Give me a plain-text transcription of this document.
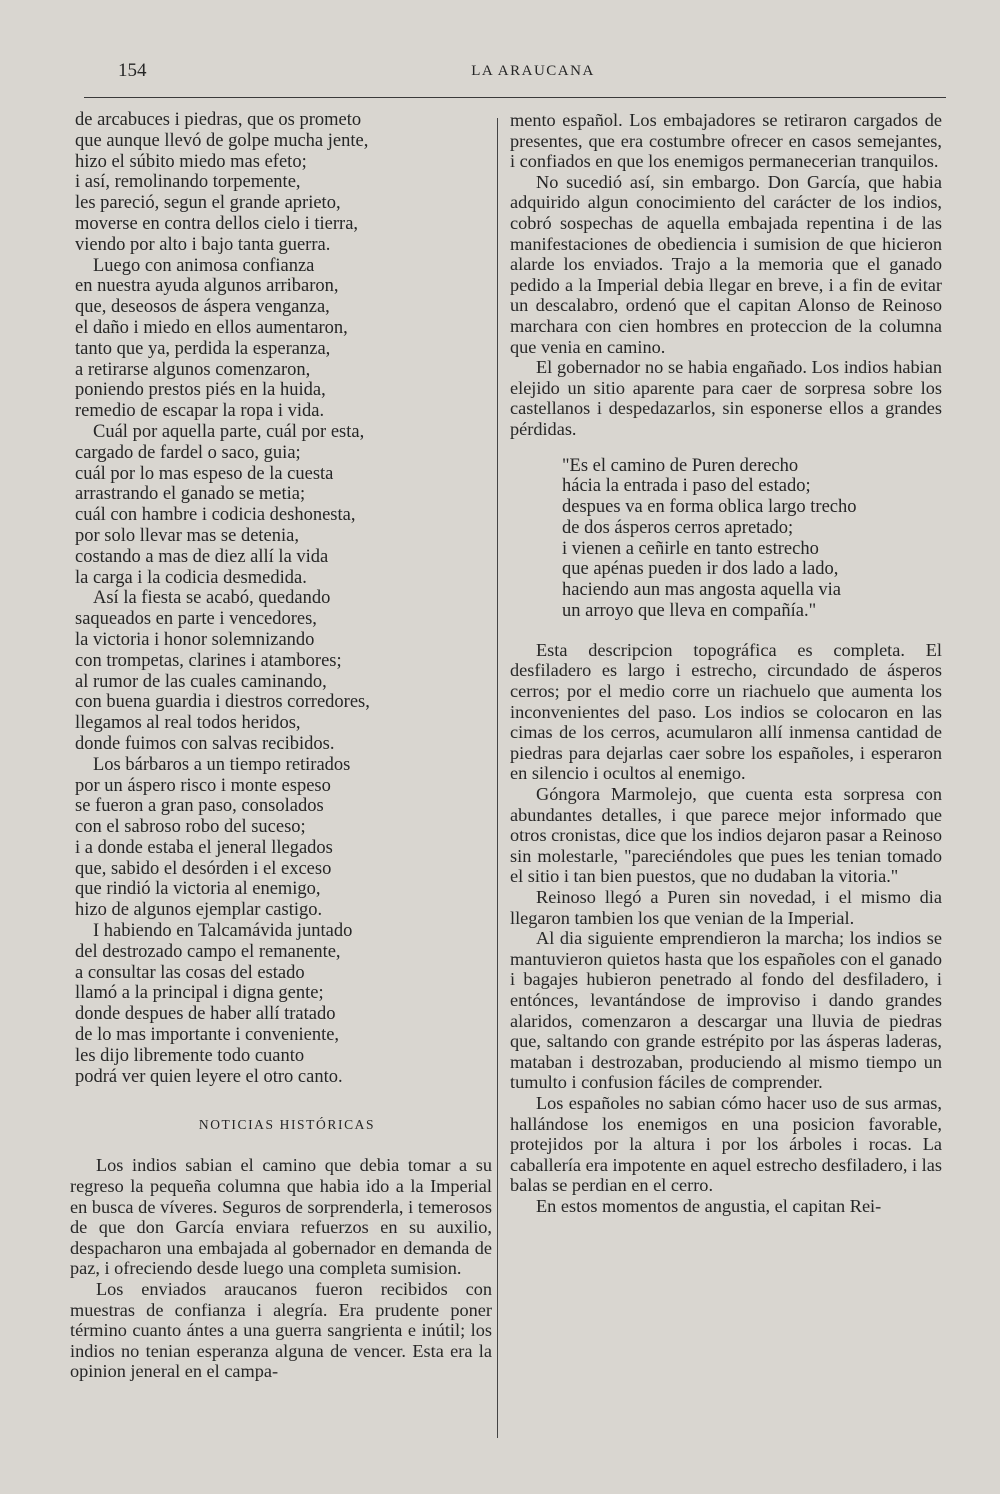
154	LA ARAUCANA
de arcabuces i piedras, que os prometo
que aunque llevó de golpe mucha jente,
hizo el súbito miedo mas efeto;
i así, remolinando torpemente,
les pareció, segun el grande aprieto,
moverse en contra dellos cielo i tierra,
viendo por alto i bajo tanta guerra.
Luego con animosa confianza
en nuestra ayuda algunos arribaron,
que, deseosos de áspera venganza,
el daño i miedo en ellos aumentaron,
tanto que ya, perdida la esperanza,
a retirarse algunos comenzaron,
poniendo prestos piés en la huida,
remedio de escapar la ropa i vida.
Cuál por aquella parte, cuál por esta,
cargado de fardel o saco, guia;
cuál por lo mas espeso de la cuesta
arrastrando el ganado se metia;
cuál con hambre i codicia deshonesta,
por solo llevar mas se detenia,
costando a mas de diez allí la vida
la carga i la codicia desmedida.
Así la fiesta se acabó, quedando
saqueados en parte i vencedores,
la victoria i honor solemnizando
con trompetas, clarines i atambores;
al rumor de las cuales caminando,
con buena guardia i diestros corredores,
llegamos al real todos heridos,
donde fuimos con salvas recibidos.
Los bárbaros a un tiempo retirados
por un áspero risco i monte espeso
se fueron a gran paso, consolados
con el sabroso robo del suceso;
i a donde estaba el jeneral llegados
que, sabido el desórden i el exceso
que rindió la victoria al enemigo,
hizo de algunos ejemplar castigo.
I habiendo en Talcamávida juntado
del destrozado campo el remanente,
a consultar las cosas del estado
llamó a la principal i digna gente;
donde despues de haber allí tratado
de lo mas importante i conveniente,
les dijo libremente todo cuanto
podrá ver quien leyere el otro canto.
NOTICIAS HISTÓRICAS

Los indios sabian el camino que debia tomar a su regreso la pequeña columna que habia ido a la Imperial en busca de víveres. Seguros de sorprenderla, i temerosos de que don García enviara refuerzos en su auxilio, despacharon una embajada al gobernador en demanda de paz, i ofreciendo desde luego una completa sumision.

Los enviados araucanos fueron recibidos con muestras de confianza i alegría. Era prudente poner término cuanto ántes a una guerra sangrienta e inútil; los indios no tenian esperanza alguna de vencer. Esta era la opinion jeneral en el campa-

mento español. Los embajadores se retiraron cargados de presentes, que era costumbre ofrecer en casos semejantes, i confiados en que los enemigos permanecerian tranquilos.

No sucedió así, sin embargo. Don García, que habia adquirido algun conocimiento del carácter de los indios, cobró sospechas de aquella embajada repentina i de las manifestaciones de obediencia i sumision de que hicieron alarde los enviados. Trajo a la memoria que el ganado pedido a la Imperial debia llegar en breve, i a fin de evitar un descalabro, ordenó que el capitan Alonso de Reinoso marchara con cien hombres en proteccion de la columna que venia en camino.

El gobernador no se habia engañado. Los indios habian elejido un sitio aparente para caer de sorpresa sobre los castellanos i despedazarlos, sin esponerse ellos a grandes pérdidas.

"Es el camino de Puren derecho
hácia la entrada i paso del estado;
despues va en forma oblica largo trecho
de dos ásperos cerros apretado;
i vienen a ceñirle en tanto estrecho
que apénas pueden ir dos lado a lado,
haciendo aun mas angosta aquella via
un arroyo que lleva en compañía."

Esta descripcion topográfica es completa. El desfiladero es largo i estrecho, circundado de ásperos cerros; por el medio corre un riachuelo que aumenta los inconvenientes del paso. Los indios se colocaron en las cimas de los cerros, acumularon allí inmensa cantidad de piedras para dejarlas caer sobre los españoles, i esperaron en silencio i ocultos al enemigo.

Góngora Marmolejo, que cuenta esta sorpresa con abundantes detalles, i que parece mejor informado que otros cronistas, dice que los indios dejaron pasar a Reinoso sin molestarle, "pareciéndoles que pues les tenian tomado el sitio i tan bien puestos, que no dudaban la vitoria."

Reinoso llegó a Puren sin novedad, i el mismo dia llegaron tambien los que venian de la Imperial.

Al dia siguiente emprendieron la marcha; los indios se mantuvieron quietos hasta que los españoles con el ganado i bagajes hubieron penetrado al fondo del desfiladero, i entónces, levantándose de improviso i dando grandes alaridos, comenzaron a descargar una lluvia de piedras que, saltando con grande estrépito por las ásperas laderas, mataban i destrozaban, produciendo al mismo tiempo un tumulto i confusion fáciles de comprender.

Los españoles no sabian cómo hacer uso de sus armas, hallándose los enemigos en una posicion favorable, protejidos por la altura i por los árboles i rocas. La caballería era impotente en aquel estrecho desfiladero, i las balas se perdian en el cerro.

En estos momentos de angustia, el capitan Rei-
